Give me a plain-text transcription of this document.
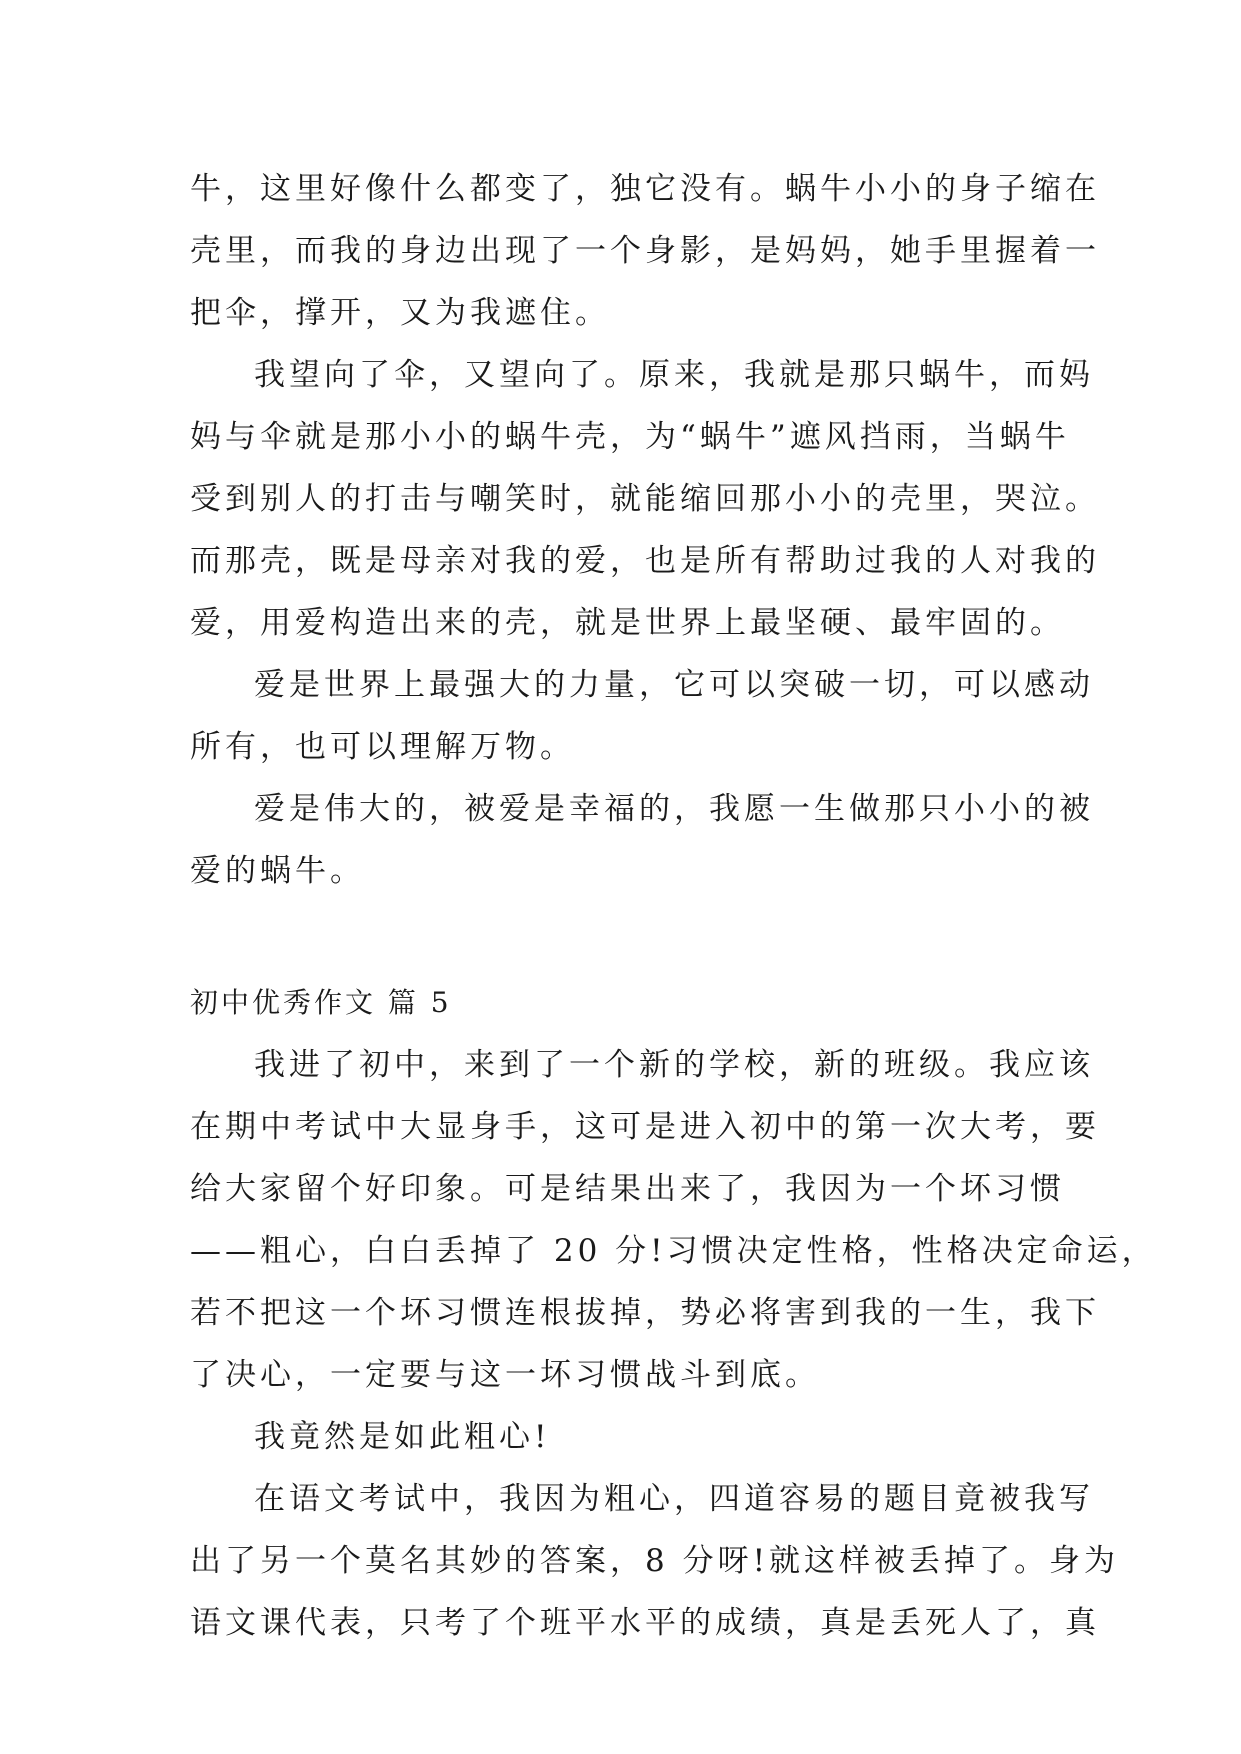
牛，这里好像什么都变了，独它没有。蜗牛小小的身子缩在
壳里，而我的身边出现了一个身影，是妈妈，她手里握着一
把伞，撑开，又为我遮住。
我望向了伞，又望向了。原来，我就是那只蜗牛，而妈
妈与伞就是那小小的蜗牛壳，为“蜗牛”遮风挡雨，当蜗牛
受到别人的打击与嘲笑时，就能缩回那小小的壳里，哭泣。
而那壳，既是母亲对我的爱，也是所有帮助过我的人对我的
爱，用爱构造出来的壳，就是世界上最坚硬、最牢固的。
爱是世界上最强大的力量，它可以突破一切，可以感动
所有，也可以理解万物。
爱是伟大的，被爱是幸福的，我愿一生做那只小小的被
爱的蜗牛。
初中优秀作文 篇 5
我进了初中，来到了一个新的学校，新的班级。我应该
在期中考试中大显身手，这可是进入初中的第一次大考，要
给大家留个好印象。可是结果出来了，我因为一个坏习惯
——粗心，白白丢掉了 20 分!习惯决定性格，性格决定命运，
若不把这一个坏习惯连根拔掉，势必将害到我的一生，我下
了决心，一定要与这一坏习惯战斗到底。
我竟然是如此粗心!
在语文考试中，我因为粗心，四道容易的题目竟被我写
出了另一个莫名其妙的答案，8 分呀!就这样被丢掉了。身为
语文课代表，只考了个班平水平的成绩，真是丢死人了，真
